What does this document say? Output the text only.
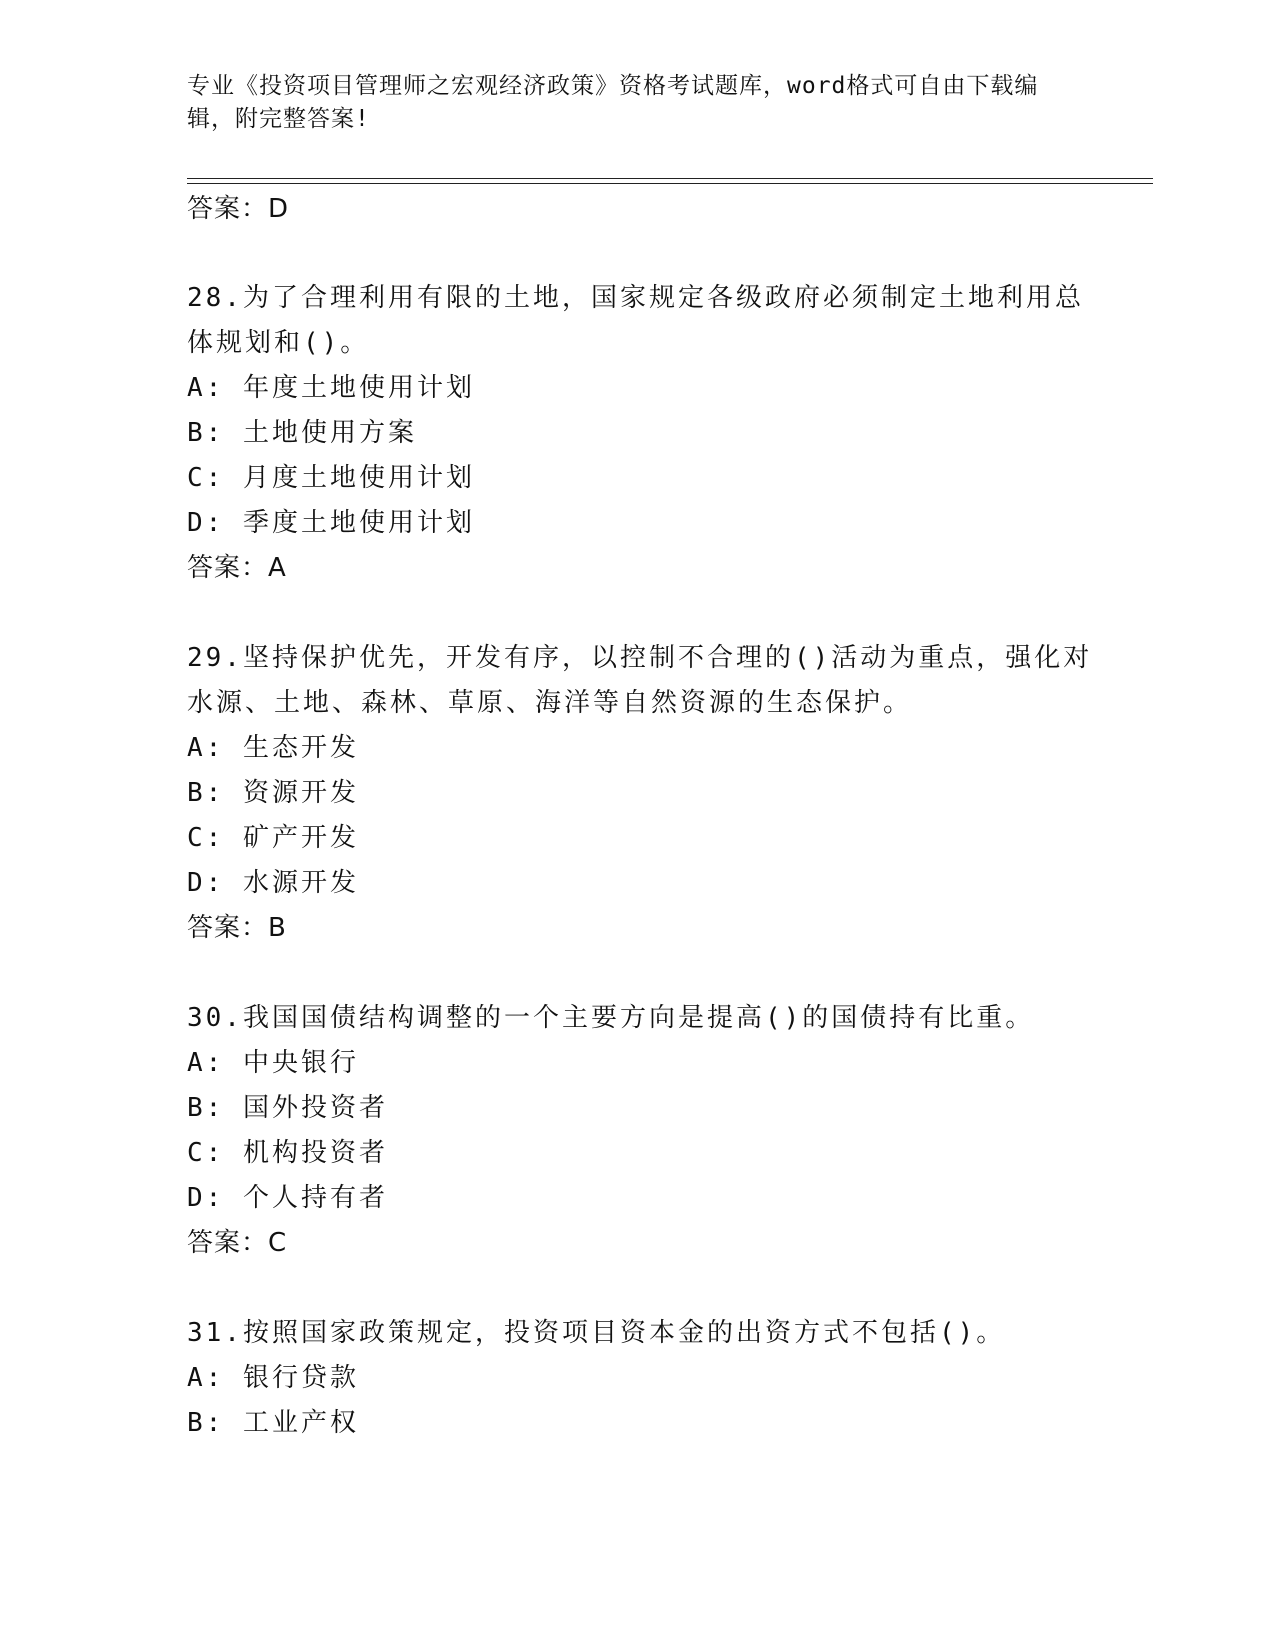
专业《投资项目管理师之宏观经济政策》资格考试题库，word格式可自由下载编
辑，附完整答案!
答案：D
28.为了合理利用有限的土地，国家规定各级政府必须制定土地利用总
体规划和()。
A: 年度土地使用计划
B: 土地使用方案
C: 月度土地使用计划
D: 季度土地使用计划
答案：A
29.坚持保护优先，开发有序，以控制不合理的()活动为重点，强化对
水源、土地、森林、草原、海洋等自然资源的生态保护。
A: 生态开发
B: 资源开发
C: 矿产开发
D: 水源开发
答案：B
30.我国国债结构调整的一个主要方向是提高()的国债持有比重。
A: 中央银行
B: 国外投资者
C: 机构投资者
D: 个人持有者
答案：C
31.按照国家政策规定，投资项目资本金的出资方式不包括()。
A: 银行贷款
B: 工业产权
